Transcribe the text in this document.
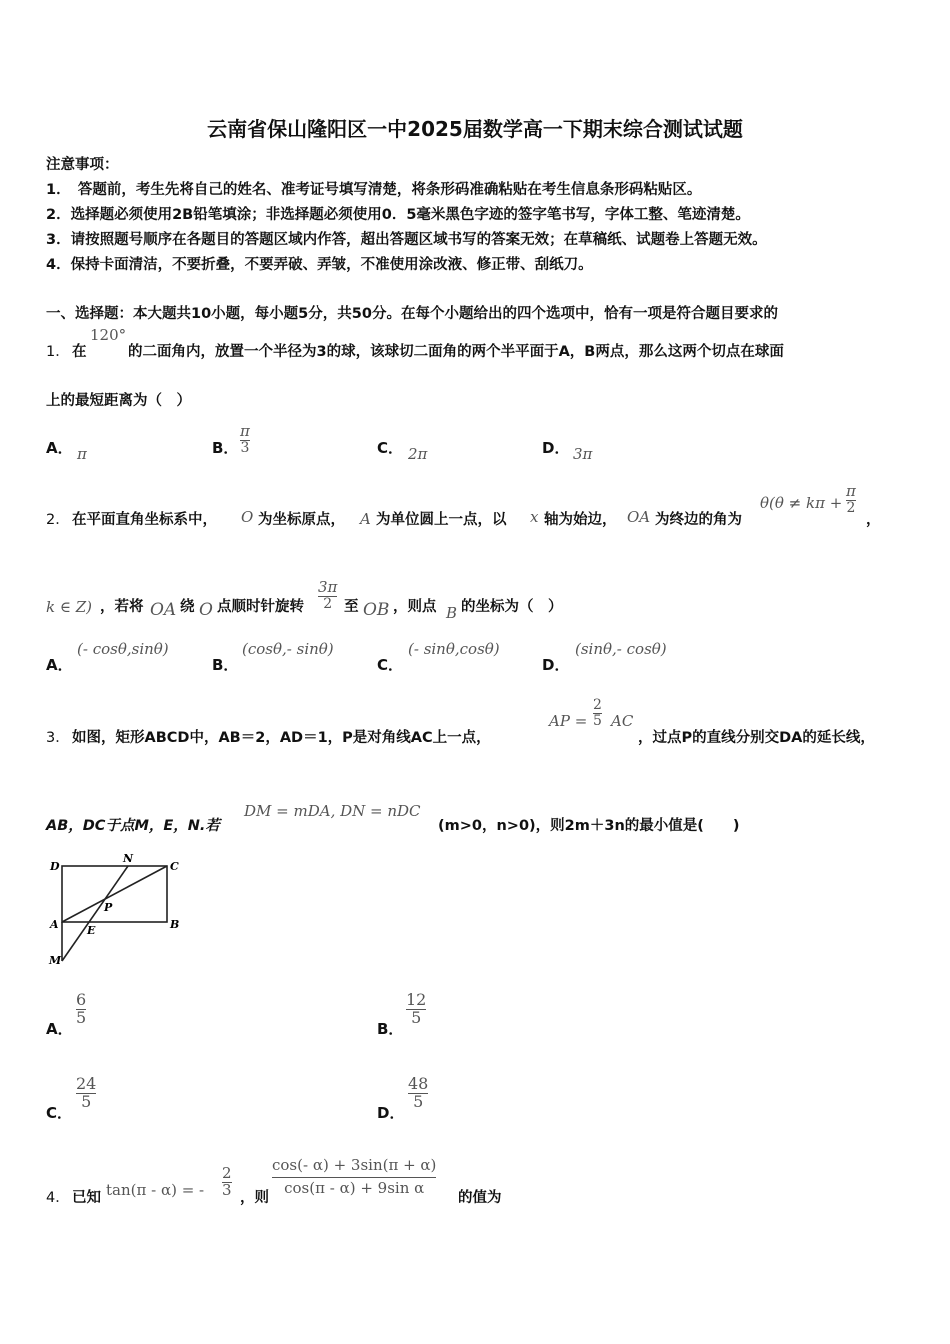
云南省保山隆阳区一中2025届数学高一下期末综合测试试题
注意事项：
1．　答题前，考生先将自己的姓名、准考证号填写清楚，将条形码准确粘贴在考生信息条形码粘贴区。
2．选择题必须使用2B铅笔填涂；非选择题必须使用0．5毫米黑色字迹的签字笔书写，字体工整、笔迹清楚。
3．请按照题号顺序在各题目的答题区域内作答，超出答题区域书写的答案无效；在草稿纸、试题卷上答题无效。
4．保持卡面清洁，不要折叠，不要弄破、弄皱，不准使用涂改液、修正带、刮纸刀。
一、选择题：本大题共10小题，每小题5分，共50分。在每个小题给出的四个选项中，恰有一项是符合题目要求的
1． 在
120°
的二面角内，放置一个半径为3的球，该球切二面角的两个半平面于A，B两点，那么这两个切点在球面
上的最短距离为（　）
A． π	B． $\frac{\pi}{3}$	C． 2π	D． 3π
2． 在平面直角坐标系中， O 为坐标原点， A 为单位圆上一点，以 x 轴为始边， OA 为终边的角为
$\theta(\theta \ne k\pi + \frac{\pi}{2}$
，
k ∈ Z) ，若将 OA 绕 O 点顺时针旋转 $\frac{3\pi}{2}$ 至 OB ，则点 B 的坐标为（　）
A．
(- cosθ,sinθ)
B．
(cosθ,- sinθ)
C．
(- sinθ,cosθ)
D．
(sinθ,- cosθ)
3． 如图，矩形ABCD中，AB＝2，AD＝1，P是对角线AC上一点，
AP = $\frac{2}{5}$ AC
，过点P的直线分别交DA的延长线，
AB，DC于点M，E，N.若
DM = mDA, DN = nDC
(m>0，n>0)，则2m＋3n的最小值是(　　)
D
N
C
P
A	E	B
M
A．
$\frac{6}{5}$
B．
$\frac{12}{5}$
C．
$\frac{24}{5}$
D．
$\frac{48}{5}$
4． 已知 tan(π - α) = - $\frac{2}{3}$ ，则
$\frac{\cos(- \alpha) + 3\sin(\pi + \alpha)}{\text{cos(π - α) + 9sin α}}$
的值为
